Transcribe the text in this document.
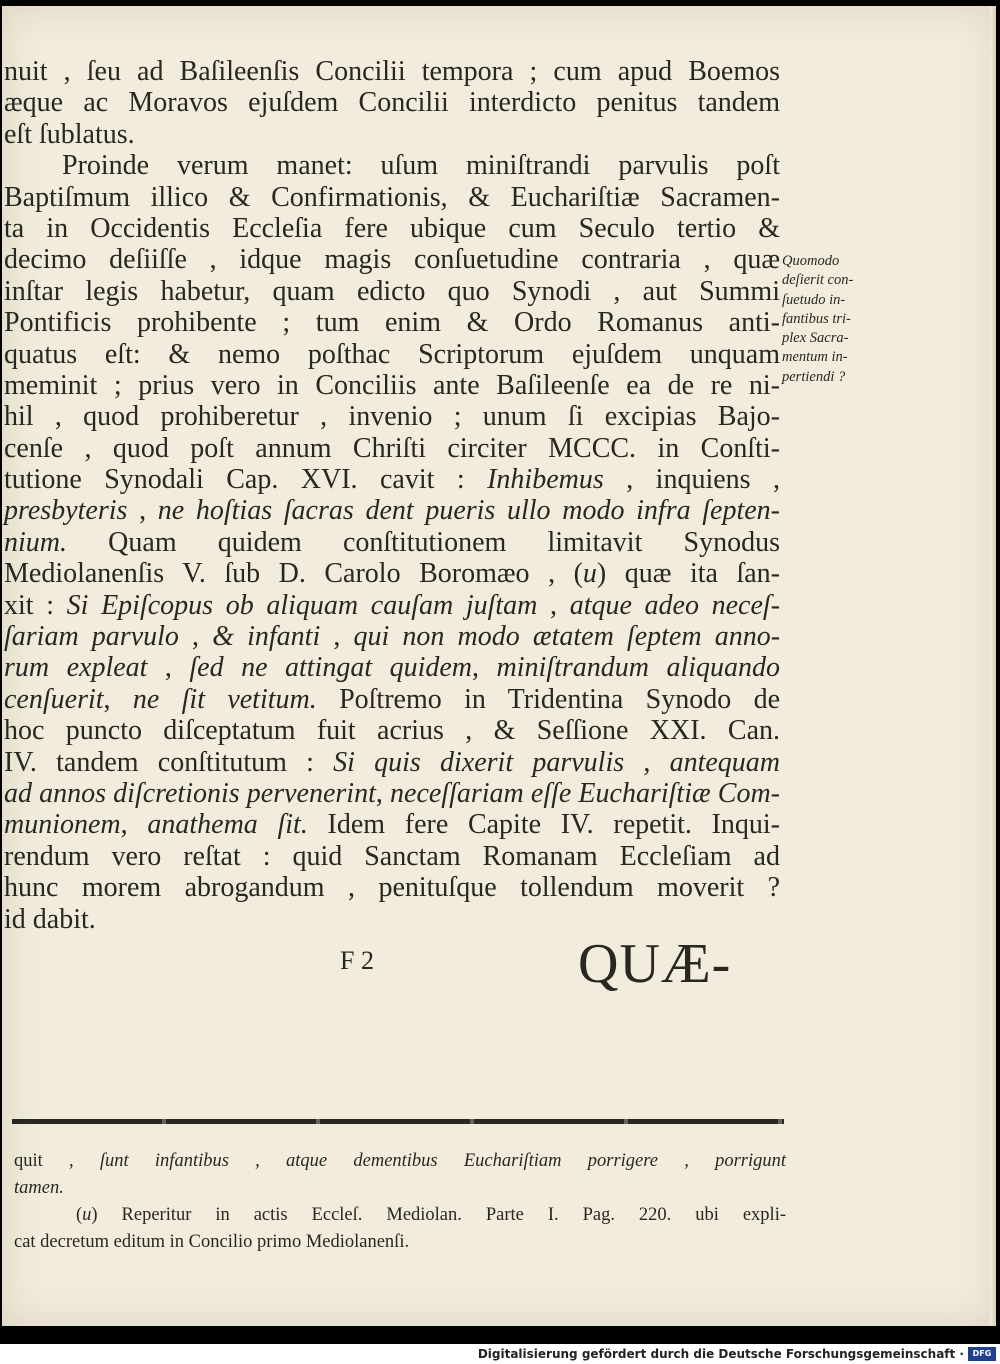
nuit , ſeu ad Baſileenſis Concilii tempora ; cum apud Boemos
æque ac Moravos ejuſdem Concilii interdicto penitus tandem
eſt ſublatus.
Proinde verum manet: uſum miniſtrandi parvulis poſt
Baptiſmum illico & Confirmationis, & Euchariſtiæ Sacramen-
ta in Occidentis Eccleſia fere ubique cum Seculo tertio &
decimo deſiiſſe , idque magis conſuetudine contraria , quæ
inſtar legis habetur, quam edicto quo Synodi , aut Summi
Pontificis prohibente ; tum enim & Ordo Romanus anti-
quatus eſt: & nemo poſthac Scriptorum ejuſdem unquam
meminit ; prius vero in Conciliis ante Baſileenſe ea de re ni-
hil , quod prohiberetur , invenio ; unum ſi excipias Bajo-
cenſe , quod poſt annum Chriſti circiter MCCC. in Conſti-
tutione Synodali Cap. XVI. cavit : Inhibemus , inquiens ,
presbyteris , ne hoſtias ſacras dent pueris ullo modo infra ſepten-
nium. Quam quidem conſtitutionem limitavit Synodus
Mediolanenſis V. ſub D. Carolo Boromæo , (u) quæ ita ſan-
xit : Si Epiſcopus ob aliquam cauſam juſtam , atque adeo neceſ-
ſariam parvulo , & infanti , qui non modo ætatem ſeptem anno-
rum expleat , ſed ne attingat quidem, miniſtrandum aliquando
cenſuerit, ne ſit vetitum. Poſtremo in Tridentina Synodo de
hoc puncto diſceptatum fuit acrius , & Seſſione XXI. Can.
IV. tandem conſtitutum : Si quis dixerit parvulis , antequam
ad annos diſcretionis pervenerint, neceſſariam eſſe Euchariſtiæ Com-
munionem, anathema ſit. Idem fere Capite IV. repetit. Inqui-
rendum vero reſtat : quid Sanctam Romanam Eccleſiam ad
hunc morem abrogandum , penituſque tollendum moverit ?
id dabit.
Quomodo
deſierit con-
ſuetudo in-
fantibus tri-
plex Sacra-
mentum in-
pertiendi ?
F 2	QUÆ-
quit , ſunt infantibus , atque dementibus Euchariſtiam porrigere , porrigunt
tamen.
(u) Reperitur in actis Eccleſ. Mediolan. Parte I. Pag. 220. ubi expli-
cat decretum editum in Concilio primo Mediolanenſi.
Digitalisierung gefördert durch die Deutsche Forschungsgemeinschaft ·	DFG
